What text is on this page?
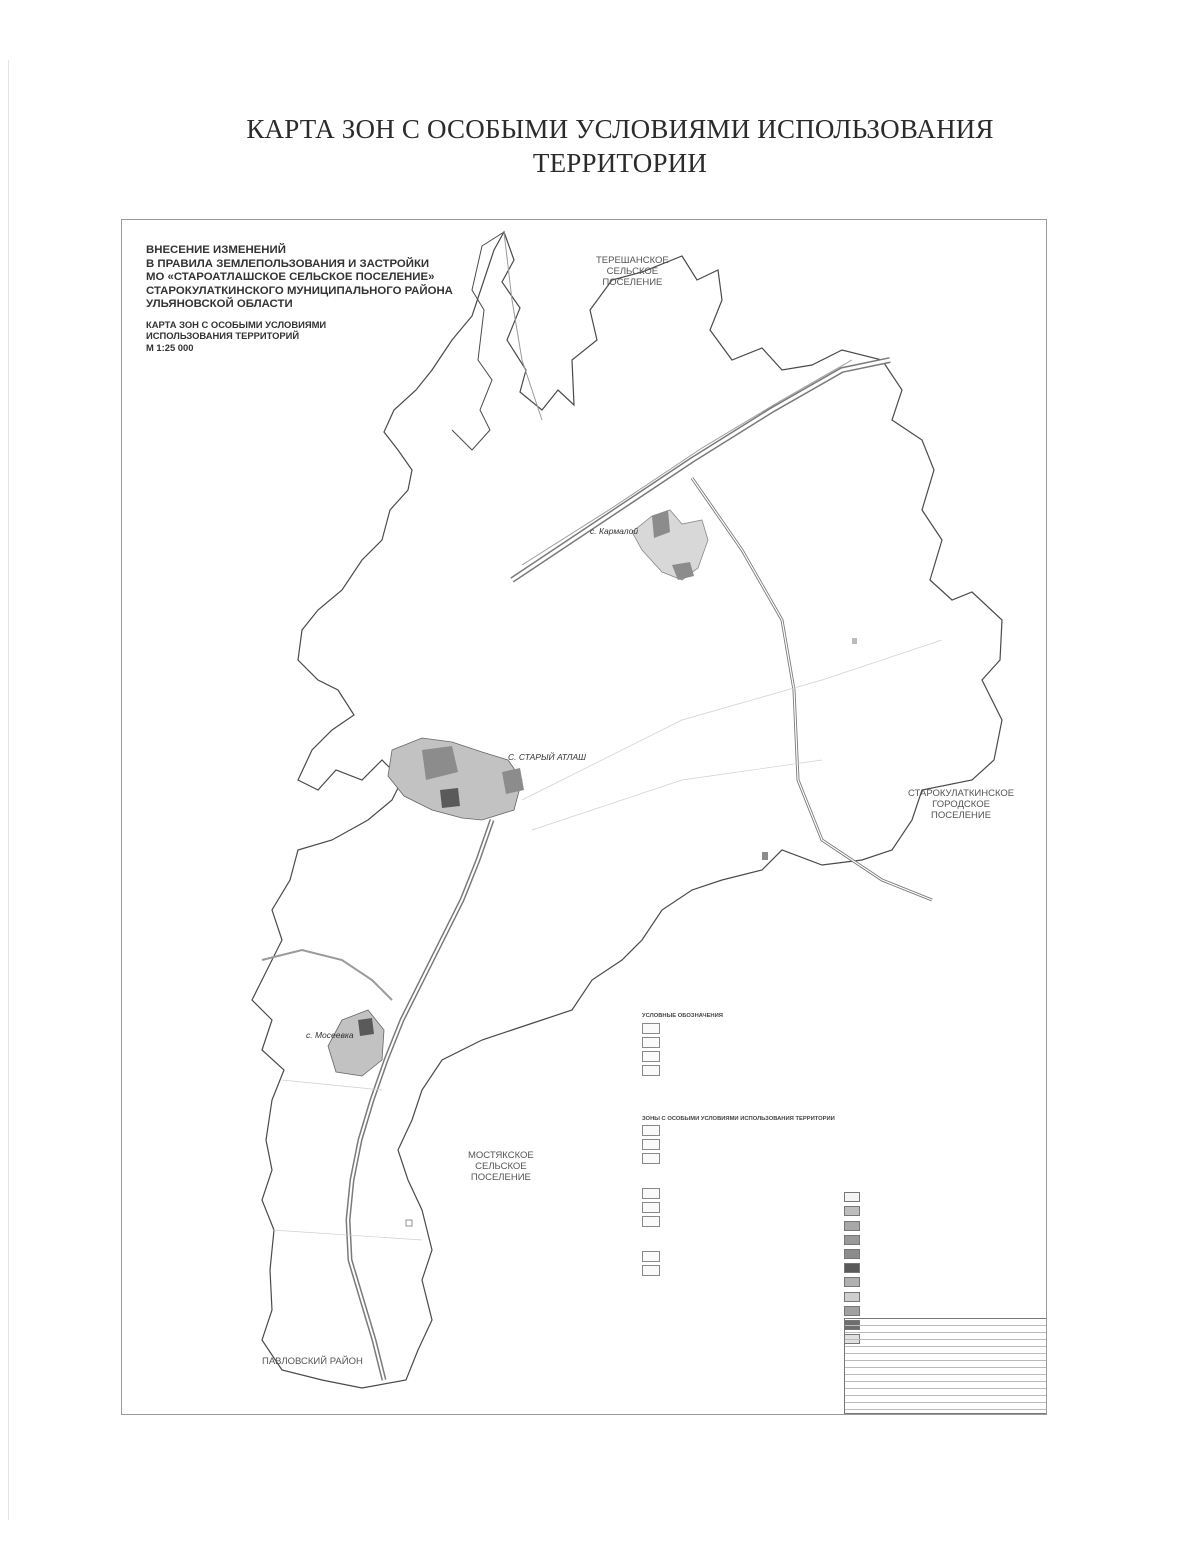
КАРТА ЗОН С ОСОБЫМИ УСЛОВИЯМИ ИСПОЛЬЗОВАНИЯ
ТЕРРИТОРИИ
ВНЕСЕНИЕ ИЗМЕНЕНИЙ
В ПРАВИЛА ЗЕМЛЕПОЛЬЗОВАНИЯ И ЗАСТРОЙКИ
МО «СТАРОАТЛАШСКОЕ СЕЛЬСКОЕ ПОСЕЛЕНИЕ»
СТАРОКУЛАТКИНСКОГО МУНИЦИПАЛЬНОГО РАЙОНА
УЛЬЯНОВСКОЙ ОБЛАСТИ
КАРТА ЗОН С ОСОБЫМИ УСЛОВИЯМИ
ИСПОЛЬЗОВАНИЯ ТЕРРИТОРИЙ
М 1:25 000
ТЕРЕШАНСКОЕ
СЕЛЬСКОЕ
ПОСЕЛЕНИЕ
СТАРОКУЛАТКИНСКОЕ
ГОРОДСКОЕ
ПОСЕЛЕНИЕ
МОСТЯКСКОЕ
СЕЛЬСКОЕ
ПОСЕЛЕНИЕ
ПАВЛОВСКИЙ РАЙОН
с. Кармалой
С. СТАРЫЙ АТЛАШ
с. Мосеевка
УСЛОВНЫЕ ОБОЗНАЧЕНИЯ
ЗОНЫ С ОСОБЫМИ УСЛОВИЯМИ ИСПОЛЬЗОВАНИЯ ТЕРРИТОРИИ
